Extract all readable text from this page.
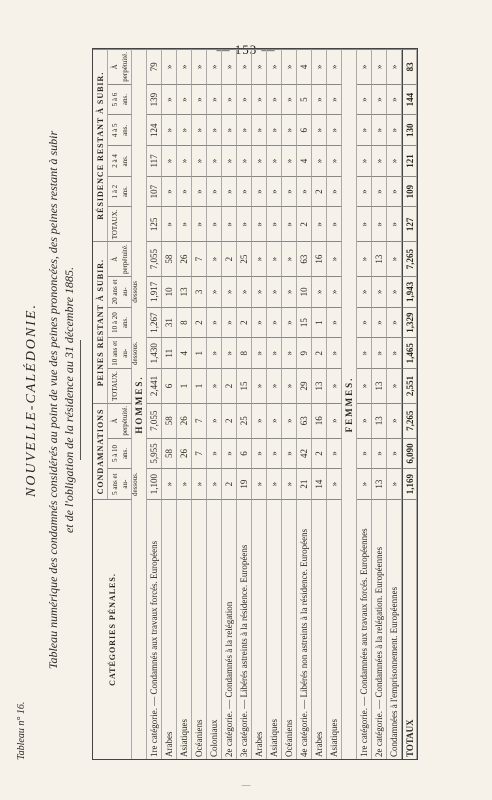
— 153 —
Tableau n° 16.
NOUVELLE-CALÉDONIE. Tableau numérique des condamnés considérés au point de vue des peines prononcées, des peines restant à subir et de l'obligation de la résidence au 31 décembre 1885.
CATÉGORIES PÉNALES.
CONDAMNATIONS
PEINES RESTANT À SUBIR.
RÉSIDENCE RESTANT À SUBIR.
5 ans et au-dessous.
5 à 10 ans.
À perpétuité.
TOTAUX.
10 ans et au-dessous.
10 à 20 ans.
20 ans et au-dessous
À perpétuité.
TOTAUX.
1 à 2 ans.
2 à 4 ans.
4 à 5 ans.
5 à 6 ans.
À perpétuité.
HOMMES.
1re catégorie. — Condamnés aux travaux forcés. Européens
1,100
5,955
7,055
2,441
1,430
1,267
1,917
7,055
125
107
117
124
139
79
Arabes
»
58
58
6
11
31
10
58
»
»
»
»
»
»
Asiatiques
»
26
26
1
4
8
13
26
»
»
»
»
»
»
Océaniens
»
7
7
1
1
2
3
7
»
»
»
»
»
»
Coloniaux
»
»
»
»
»
»
»
»
»
»
»
»
»
»
2e catégorie. — Condamnés à la relégation
2
»
2
2
»
»
»
2
»
»
»
»
»
»
3e catégorie. — Libérés astreints à la résidence. Européens
19
6
25
15
8
2
»
25
»
»
»
»
»
»
Arabes
»
»
»
»
»
»
»
»
»
»
»
»
»
»
Asiatiques
»
»
»
»
»
»
»
»
»
»
»
»
»
»
Océaniens
»
»
»
»
»
»
»
»
»
»
»
»
»
»
4e catégorie. — Libérés non astreints à la résidence. Européens
21
42
63
29
9
15
10
63
2
»
4
6
5
4
Arabes
14
2
16
13
2
1
»
16
»
2
»
»
»
»
Asiatiques
»
»
»
»
»
»
»
»
»
»
»
»
»
»
FEMMES.
1re catégorie. — Condamnées aux travaux forcés. Européennes
»
»
»
»
»
»
»
»
»
»
»
»
»
»
2e catégorie. — Condamnées à la relégation. Européennes
13
»
13
13
»
»
»
13
»
»
»
»
»
»
Condamnées à l'emprisonnement. Européennes
»
»
»
»
»
»
»
»
»
»
»
»
»
»
TOTAUX
1,169
6,090
7,265
2,551
1,465
1,329
1,943
7,265
127
109
121
130
144
83
—
